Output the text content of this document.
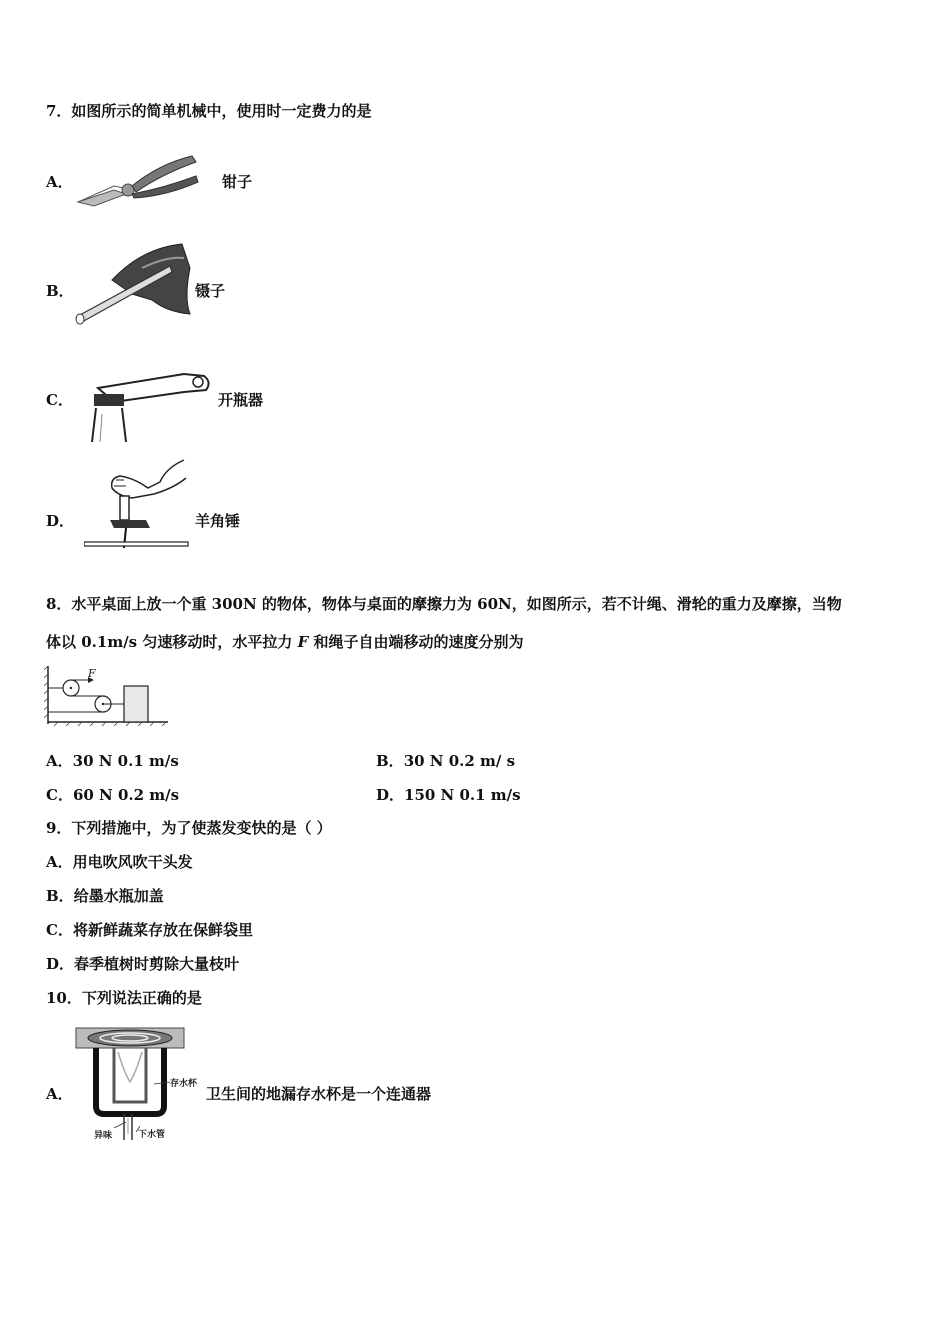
7．如图所示的简单机械中，使用时一定费力的是
A．	钳子
B．	镊子
C．	开瓶器
D．	羊角锤
8．水平桌面上放一个重 300N 的物体，物体与桌面的摩擦力为 60N，如图所示，若不计绳、滑轮的重力及摩擦，当物
体以 0.1m/s 匀速移动时，水平拉力 F 和绳子自由端移动的速度分别为
F
A．30 N 0.1 m/s	B．30 N 0.2 m/ s
C．60 N 0.2 m/s	D．150 N 0.1 m/s
9．下列措施中，为了使蒸发变快的是（ ）
A．用电吹风吹干头发
B．给墨水瓶加盖
C．将新鲜蔬菜存放在保鲜袋里
D．春季植树时剪除大量枝叶
10．下列说法正确的是
A．
存水杯
异味	下水管
卫生间的地漏存水杯是一个连通器
